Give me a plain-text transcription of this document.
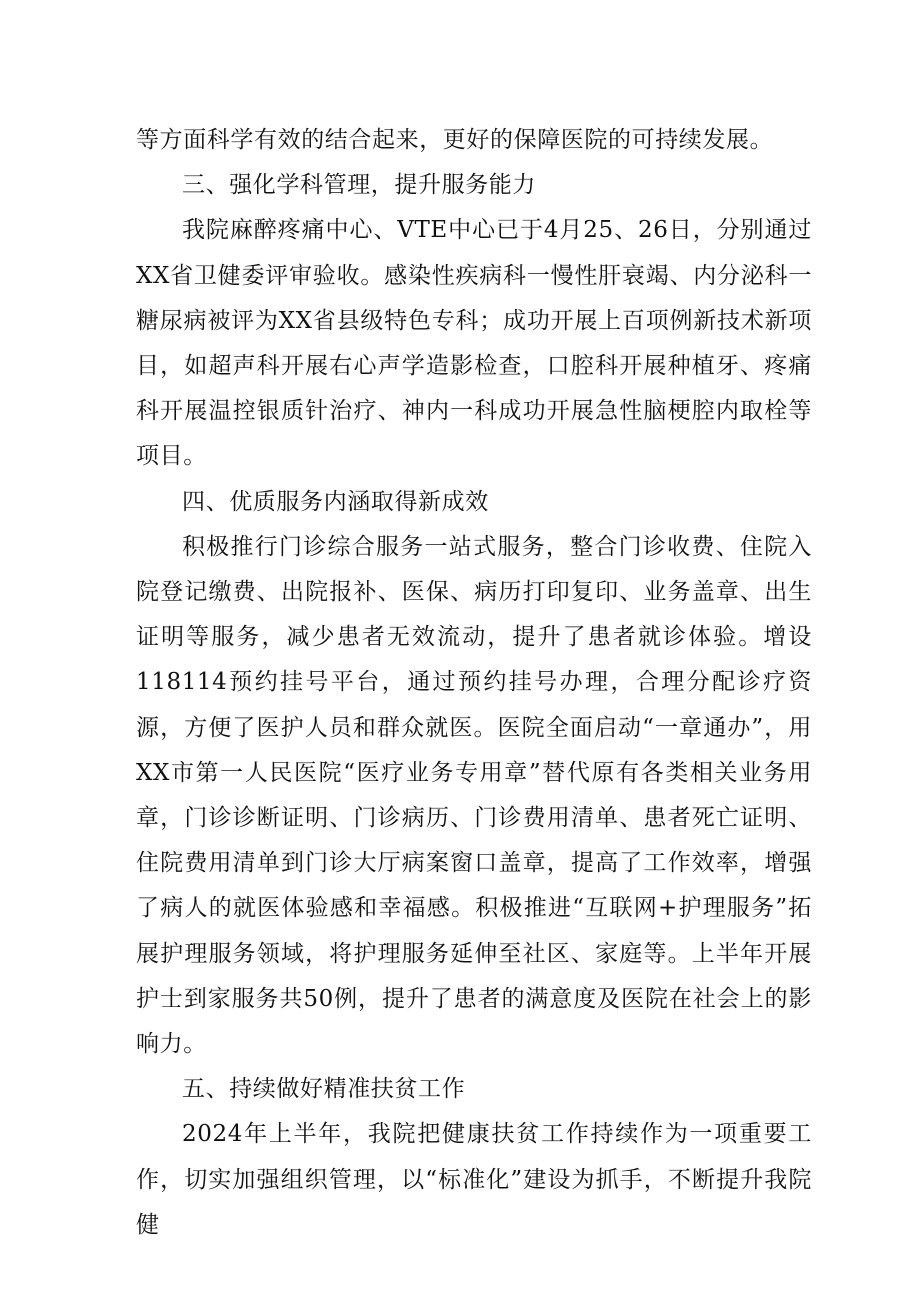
等方面科学有效的结合起来，更好的保障医院的可持续发展。

三、强化学科管理，提升服务能力

我院麻醉疼痛中心、VTE中心已于4月25、26日，分别通过XX省卫健委评审验收。感染性疾病科一慢性肝衰竭、内分泌科一糖尿病被评为XX省县级特色专科；成功开展上百项例新技术新项目，如超声科开展右心声学造影检查，口腔科开展种植牙、疼痛科开展温控银质针治疗、神内一科成功开展急性脑梗腔内取栓等项目。

四、优质服务内涵取得新成效

积极推行门诊综合服务一站式服务，整合门诊收费、住院入院登记缴费、出院报补、医保、病历打印复印、业务盖章、出生证明等服务，减少患者无效流动，提升了患者就诊体验。增设118114预约挂号平台，通过预约挂号办理，合理分配诊疗资源，方便了医护人员和群众就医。医院全面启动“一章通办”，用XX市第一人民医院“医疗业务专用章”替代原有各类相关业务用章，门诊诊断证明、门诊病历、门诊费用清单、患者死亡证明、住院费用清单到门诊大厅病案窗口盖章，提高了工作效率，增强了病人的就医体验感和幸福感。积极推进“互联网+护理服务”拓展护理服务领域，将护理服务延伸至社区、家庭等。上半年开展护士到家服务共50例，提升了患者的满意度及医院在社会上的影响力。

五、持续做好精准扶贫工作

2024年上半年，我院把健康扶贫工作持续作为一项重要工作，切实加强组织管理，以“标准化”建设为抓手，不断提升我院健
